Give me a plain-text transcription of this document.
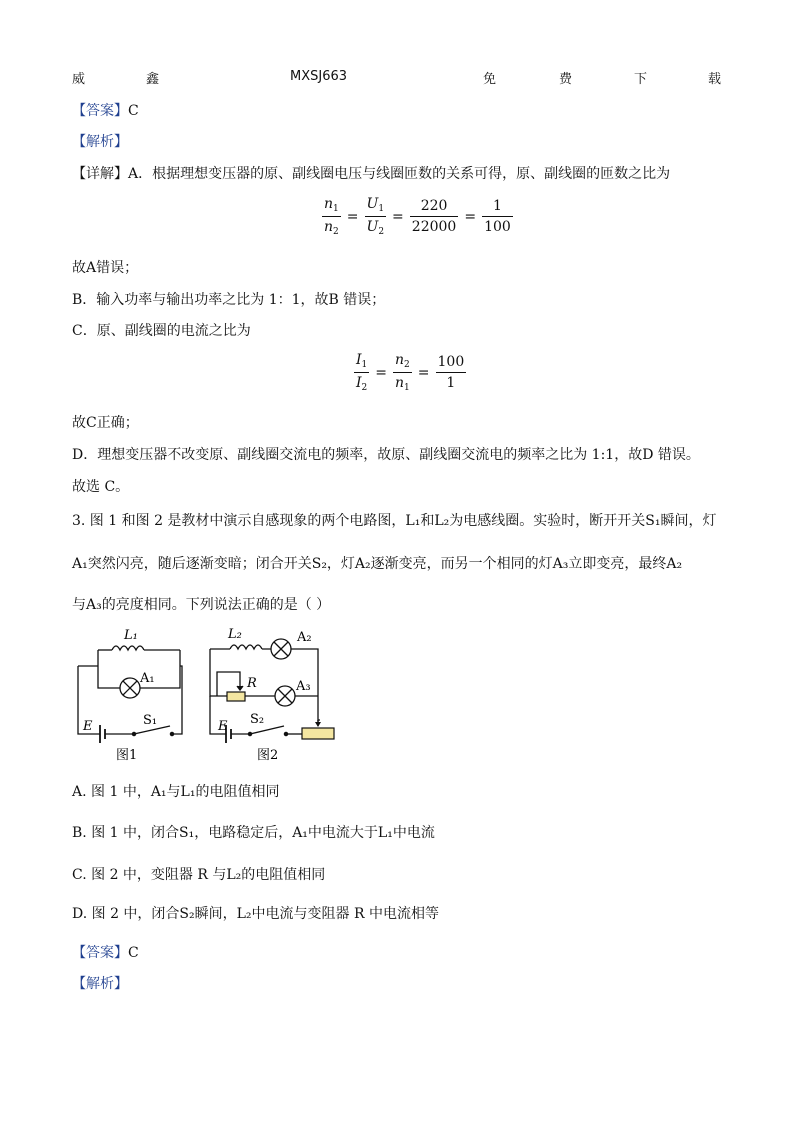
威	鑫	MXSJ663	免	费	下	载
【答案】C
【解析】
【详解】A．根据理想变压器的原、副线圈电压与线圈匝数的关系可得，原、副线圈的匝数之比为
$\frac{n_1}{n_2} = \frac{U_1}{U_2} = \frac{220}{22000} = \frac{1}{100}$
故A错误；
B．输入功率与输出功率之比为 1：1，故B 错误；
C．原、副线圈的电流之比为
$\frac{I_1}{I_2} = \frac{n_2}{n_1} = \frac{100}{1}$
故C正确；
D．理想变压器不改变原、副线圈交流电的频率，故原、副线圈交流电的频率之比为 1:1，故D 错误。
故选 C。
3. 图 1 和图 2 是教材中演示自感现象的两个电路图，L₁和L₂为电感线圈。实验时，断开开关S₁瞬间，灯
A₁突然闪亮，随后逐渐变暗；闭合开关S₂，灯A₂逐渐变亮，而另一个相同的灯A₃立即变亮，最终A₂
与A₃的亮度相同。下列说法正确的是（ ）
L₁
A₁
E	S₁
L₂	A₂
R	A₃
E S₂
图1	图2
A. 图 1 中，A₁与L₁的电阻值相同
B. 图 1 中，闭合S₁，电路稳定后，A₁中电流大于L₁中电流
C. 图 2 中，变阻器 R 与L₂的电阻值相同
D. 图 2 中，闭合S₂瞬间，L₂中电流与变阻器 R 中电流相等
【答案】C
【解析】
